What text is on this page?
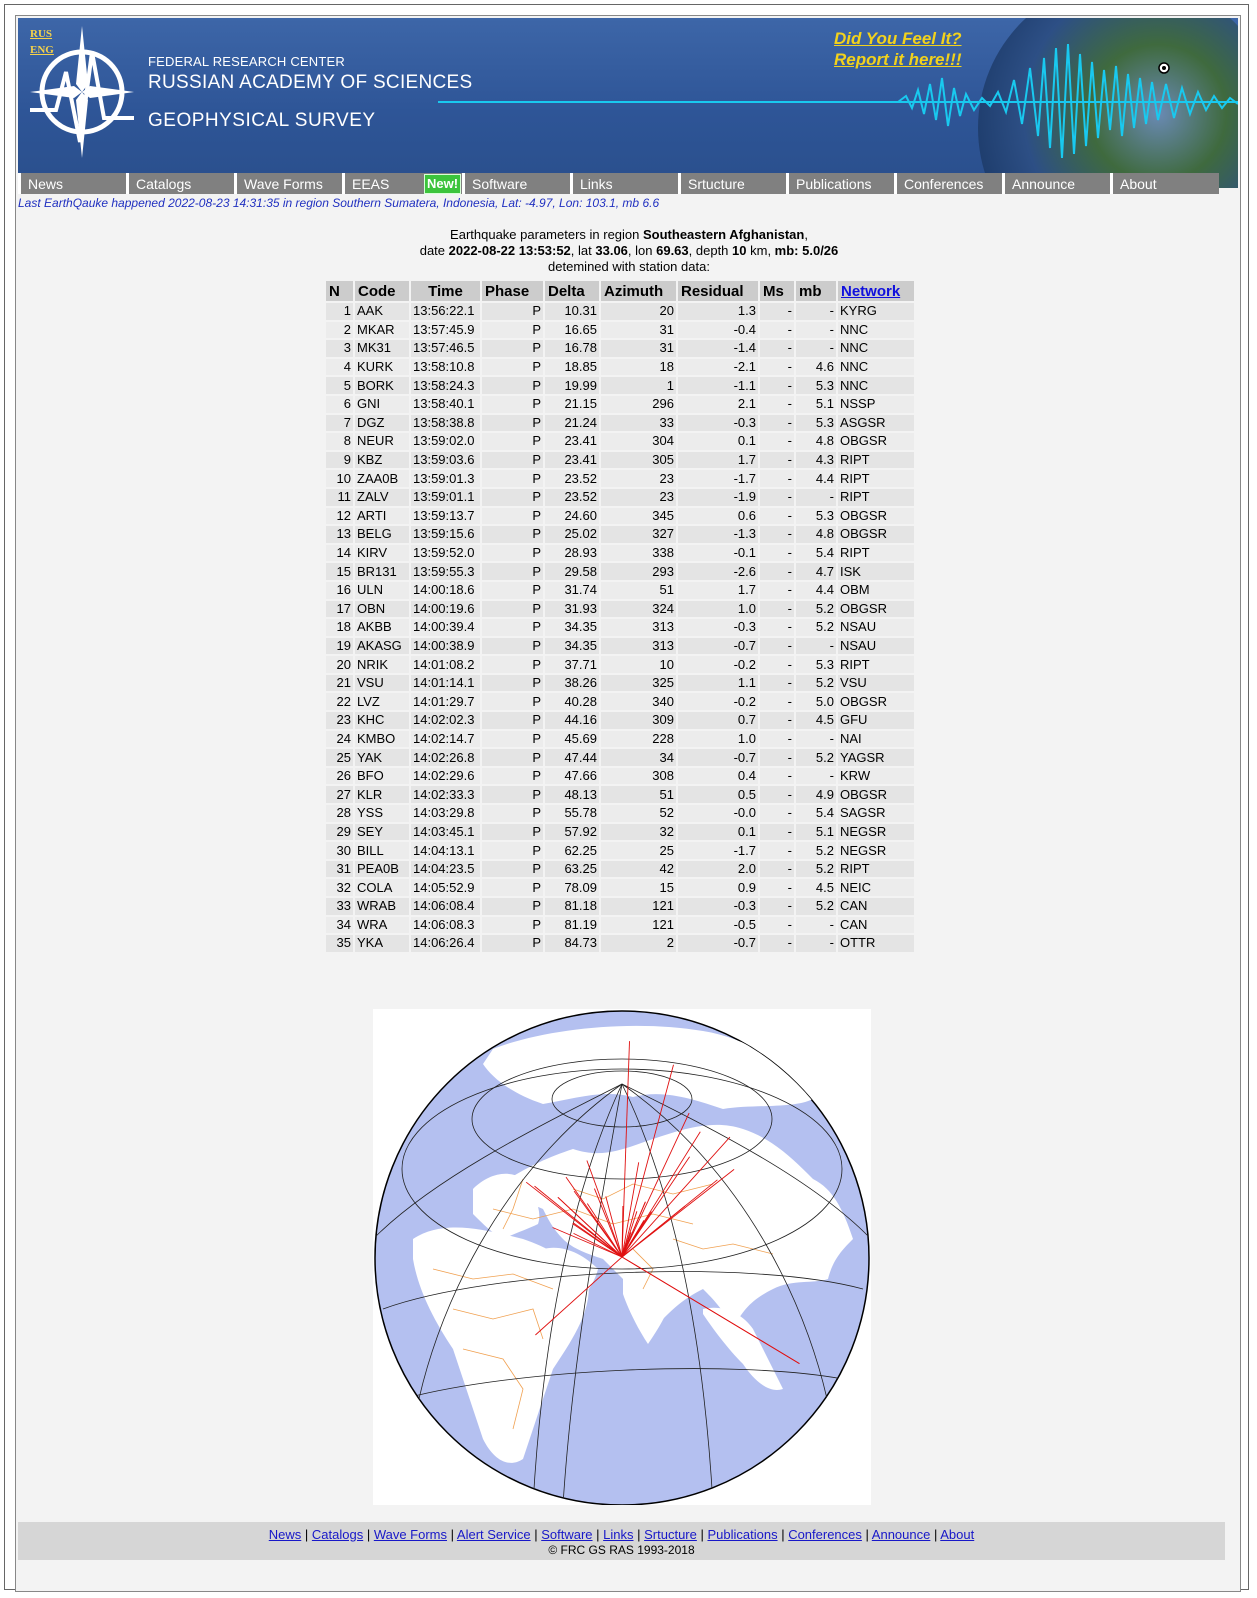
RUS
ENG
FEDERAL RESEARCH CENTER
RUSSIAN ACADEMY OF SCIENCES
GEOPHYSICAL SURVEY
Did You Feel It?
Report it here!!!
News	Catalogs	Wave Forms	EEAS	New! Software	Links	Srtucture	Publications	Conferences	Announce	About
Last EarthQauke happened 2022-08-23 14:31:35 in region Southern Sumatera, Indonesia, Lat: -4.97, Lon: 103.1, mb 6.6
Earthquake parameters in region Southeastern Afghanistan,
date 2022-08-22 13:53:52, lat 33.06, lon 69.63, depth 10 km, mb: 5.0/26
detemined with station data:
N	Code	Time	Phase	Delta	Azimuth	Residual	Ms	mb	Network
1	AAK	13:56:22.1	P	10.31	20	1.3	-	-	KYRG
2	MKAR	13:57:45.9	P	16.65	31	-0.4	-	-	NNC
3	MK31	13:57:46.5	P	16.78	31	-1.4	-	-	NNC
4	KURK	13:58:10.8	P	18.85	18	-2.1	-	4.6	NNC
5	BORK	13:58:24.3	P	19.99	1	-1.1	-	5.3	NNC
6	GNI	13:58:40.1	P	21.15	296	2.1	-	5.1	NSSP
7	DGZ	13:58:38.8	P	21.24	33	-0.3	-	5.3	ASGSR
8	NEUR	13:59:02.0	P	23.41	304	0.1	-	4.8	OBGSR
9	KBZ	13:59:03.6	P	23.41	305	1.7	-	4.3	RIPT
10	ZAA0B	13:59:01.3	P	23.52	23	-1.7	-	4.4	RIPT
11	ZALV	13:59:01.1	P	23.52	23	-1.9	-	-	RIPT
12	ARTI	13:59:13.7	P	24.60	345	0.6	-	5.3	OBGSR
13	BELG	13:59:15.6	P	25.02	327	-1.3	-	4.8	OBGSR
14	KIRV	13:59:52.0	P	28.93	338	-0.1	-	5.4	RIPT
15	BR131	13:59:55.3	P	29.58	293	-2.6	-	4.7	ISK
16	ULN	14:00:18.6	P	31.74	51	1.7	-	4.4	OBM
17	OBN	14:00:19.6	P	31.93	324	1.0	-	5.2	OBGSR
18	AKBB	14:00:39.4	P	34.35	313	-0.3	-	5.2	NSAU
19	AKASG	14:00:38.9	P	34.35	313	-0.7	-	-	NSAU
20	NRIK	14:01:08.2	P	37.71	10	-0.2	-	5.3	RIPT
21	VSU	14:01:14.1	P	38.26	325	1.1	-	5.2	VSU
22	LVZ	14:01:29.7	P	40.28	340	-0.2	-	5.0	OBGSR
23	KHC	14:02:02.3	P	44.16	309	0.7	-	4.5	GFU
24	KMBO	14:02:14.7	P	45.69	228	1.0	-	-	NAI
25	YAK	14:02:26.8	P	47.44	34	-0.7	-	5.2	YAGSR
26	BFO	14:02:29.6	P	47.66	308	0.4	-	-	KRW
27	KLR	14:02:33.3	P	48.13	51	0.5	-	4.9	OBGSR
28	YSS	14:03:29.8	P	55.78	52	-0.0	-	5.4	SAGSR
29	SEY	14:03:45.1	P	57.92	32	0.1	-	5.1	NEGSR
30	BILL	14:04:13.1	P	62.25	25	-1.7	-	5.2	NEGSR
31	PEA0B	14:04:23.5	P	63.25	42	2.0	-	5.2	RIPT
32	COLA	14:05:52.9	P	78.09	15	0.9	-	4.5	NEIC
33	WRAB	14:06:08.4	P	81.18	121	-0.3	-	5.2	CAN
34	WRA	14:06:08.3	P	81.19	121	-0.5	-	-	CAN
35	YKA	14:06:26.4	P	84.73	2	-0.7	-	-	OTTR
News | Catalogs | Wave Forms | Alert Service | Software | Links | Srtucture | Publications | Conferences | Announce | About
© FRC GS RAS 1993-2018
